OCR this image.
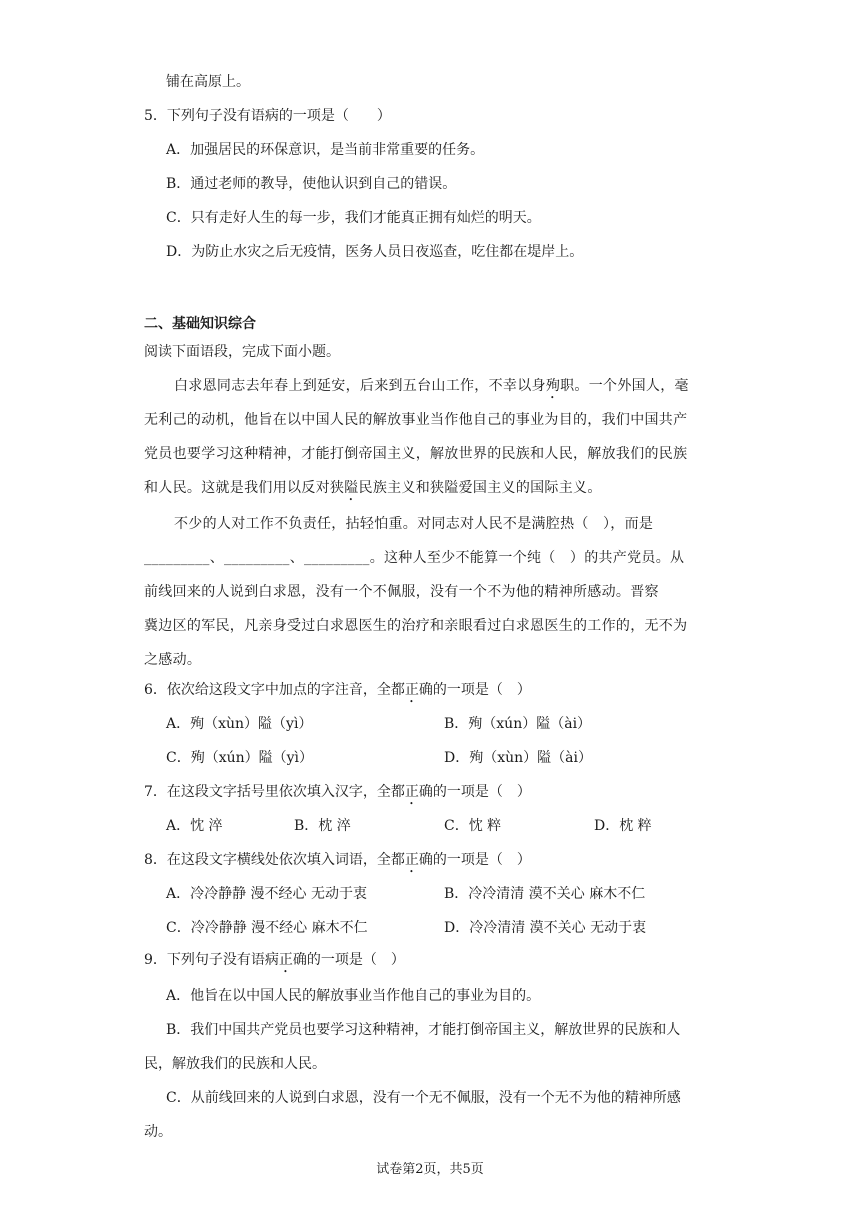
铺在高原上。
5．下列句子没有语病的一项是（　　）
A．加强居民的环保意识，是当前非常重要的任务。
B．通过老师的教导，使他认识到自己的错误。
C．只有走好人生的每一步，我们才能真正拥有灿烂的明天。
D．为防止水灾之后无疫情，医务人员日夜巡查，吃住都在堤岸上。
二、基础知识综合
阅读下面语段，完成下面小题。
白求恩同志去年春上到延安，后来到五台山工作，不幸以身殉职。一个外国人，毫
无利己的动机，他旨在以中国人民的解放事业当作他自己的事业为目的，我们中国共产
党员也要学习这种精神，才能打倒帝国主义，解放世界的民族和人民，解放我们的民族
和人民。这就是我们用以反对狭隘民族主义和狭隘爱国主义的国际主义。
不少的人对工作不负责任，拈轻怕重。对同志对人民不是满腔热（　），而是
_________、_________、_________。这种人至少不能算一个纯（　）的共产党员。从
前线回来的人说到白求恩，没有一个不佩服，没有一个不为他的精神所感动。晋察
冀边区的军民，凡亲身受过白求恩医生的治疗和亲眼看过白求恩医生的工作的，无不为
之感动。
6．依次给这段文字中加点的字注音，全都正确的一项是（　）
A．殉（xùn）隘（yì）	B．殉（xún）隘（ài）
C．殉（xún）隘（yì）	D．殉（xùn）隘（ài）
7．在这段文字括号里依次填入汉字，全都正确的一项是（　）
A．忱 淬	B．枕 淬	C．忱 粹	D．枕 粹
8．在这段文字横线处依次填入词语，全都正确的一项是（　）
A．冷冷静静 漫不经心 无动于衷	B．冷冷清清 漠不关心 麻木不仁
C．冷冷静静 漫不经心 麻木不仁	D．冷冷清清 漠不关心 无动于衷
9．下列句子没有语病正确的一项是（　）
A．他旨在以中国人民的解放事业当作他自己的事业为目的。
B．我们中国共产党员也要学习这种精神，才能打倒帝国主义，解放世界的民族和人
民，解放我们的民族和人民。
C．从前线回来的人说到白求恩，没有一个无不佩服，没有一个无不为他的精神所感
动。
试卷第2页，共5页
